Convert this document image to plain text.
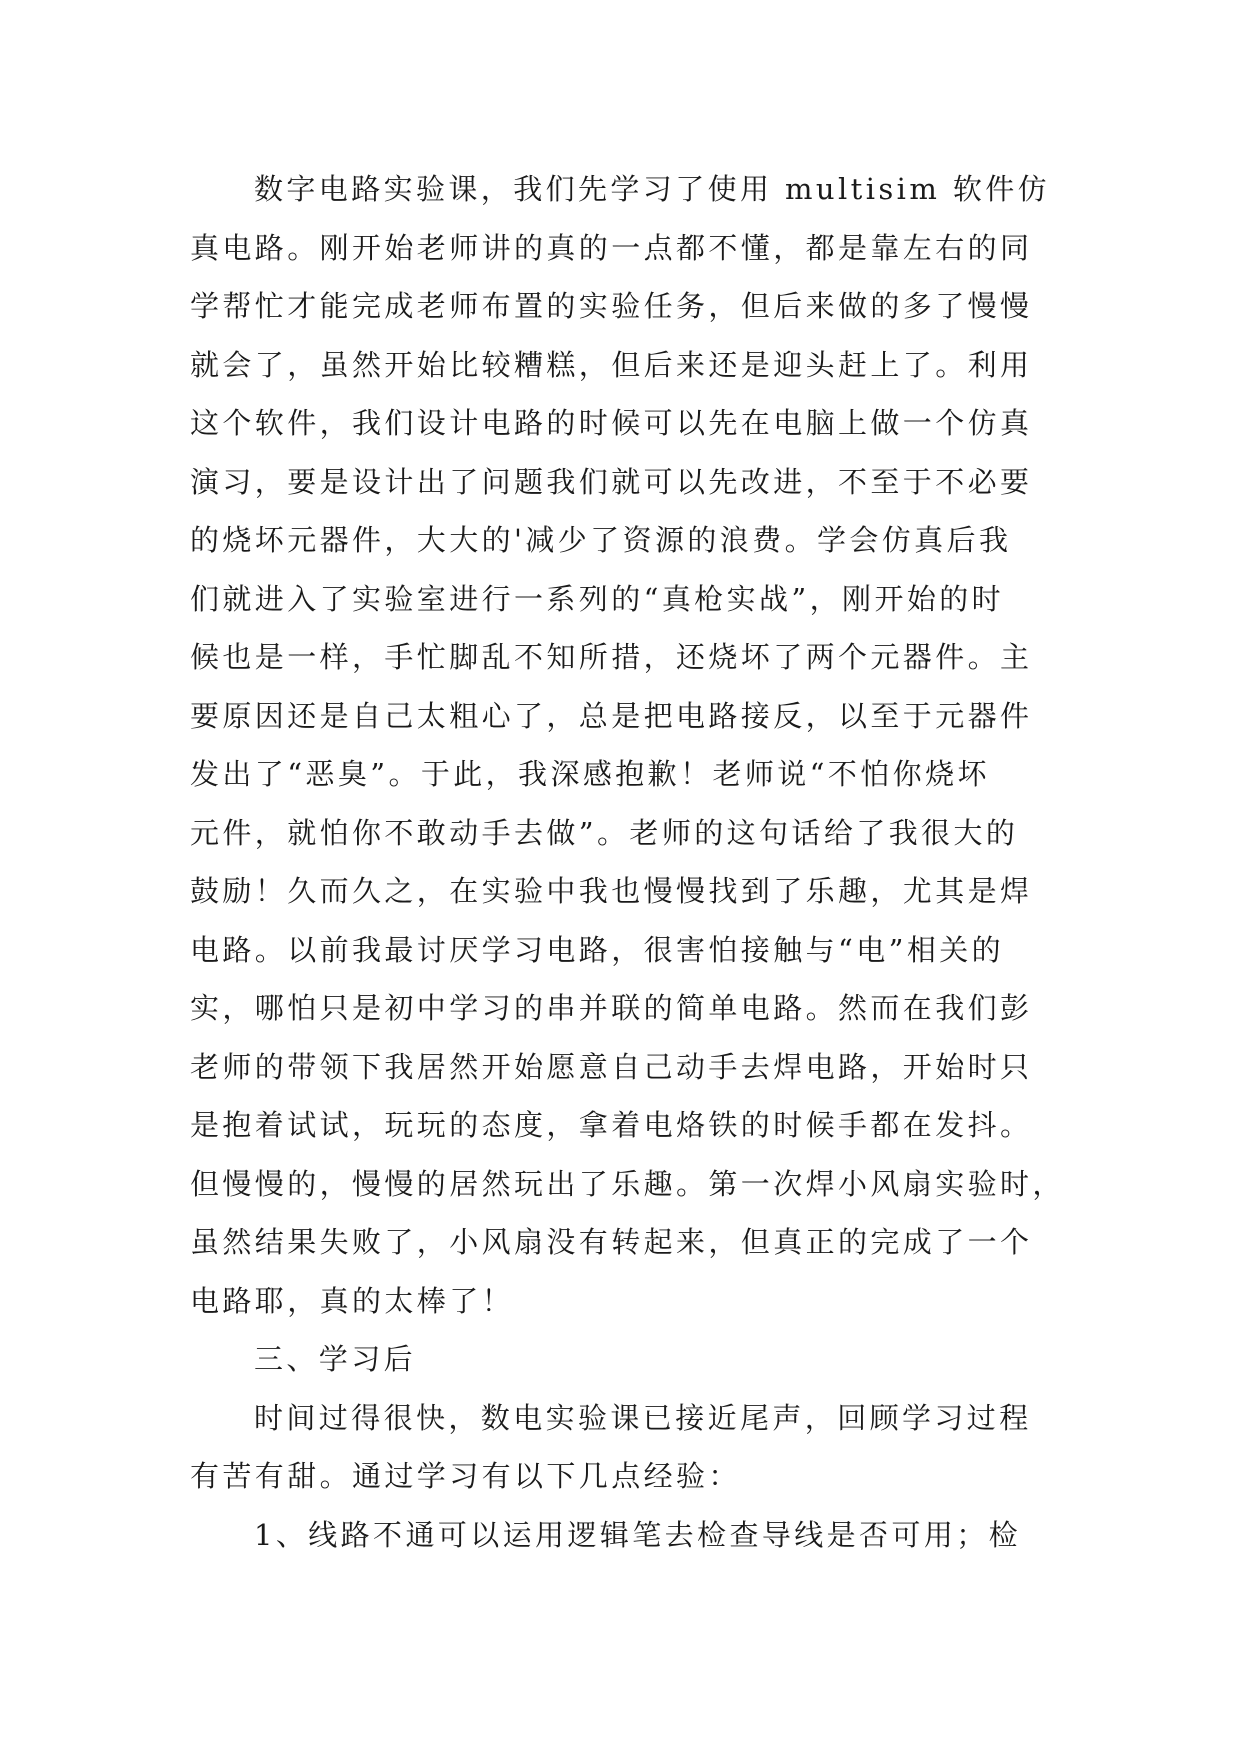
数字电路实验课，我们先学习了使用 multisim 软件仿
真电路。刚开始老师讲的真的一点都不懂，都是靠左右的同
学帮忙才能完成老师布置的实验任务，但后来做的多了慢慢
就会了，虽然开始比较糟糕，但后来还是迎头赶上了。利用
这个软件，我们设计电路的时候可以先在电脑上做一个仿真
演习，要是设计出了问题我们就可以先改进，不至于不必要
的烧坏元器件，大大的'减少了资源的浪费。学会仿真后我
们就进入了实验室进行一系列的“真枪实战”，刚开始的时
候也是一样，手忙脚乱不知所措，还烧坏了两个元器件。主
要原因还是自己太粗心了，总是把电路接反，以至于元器件
发出了“恶臭”。于此，我深感抱歉！老师说“不怕你烧坏
元件，就怕你不敢动手去做”。老师的这句话给了我很大的
鼓励！久而久之，在实验中我也慢慢找到了乐趣，尤其是焊
电路。以前我最讨厌学习电路，很害怕接触与“电”相关的
实，哪怕只是初中学习的串并联的简单电路。然而在我们彭
老师的带领下我居然开始愿意自己动手去焊电路，开始时只
是抱着试试，玩玩的态度，拿着电烙铁的时候手都在发抖。
但慢慢的，慢慢的居然玩出了乐趣。第一次焊小风扇实验时，
虽然结果失败了，小风扇没有转起来，但真正的完成了一个
电路耶，真的太棒了！
三、学习后
时间过得很快，数电实验课已接近尾声，回顾学习过程
有苦有甜。通过学习有以下几点经验：
1、线路不通可以运用逻辑笔去检查导线是否可用；检
